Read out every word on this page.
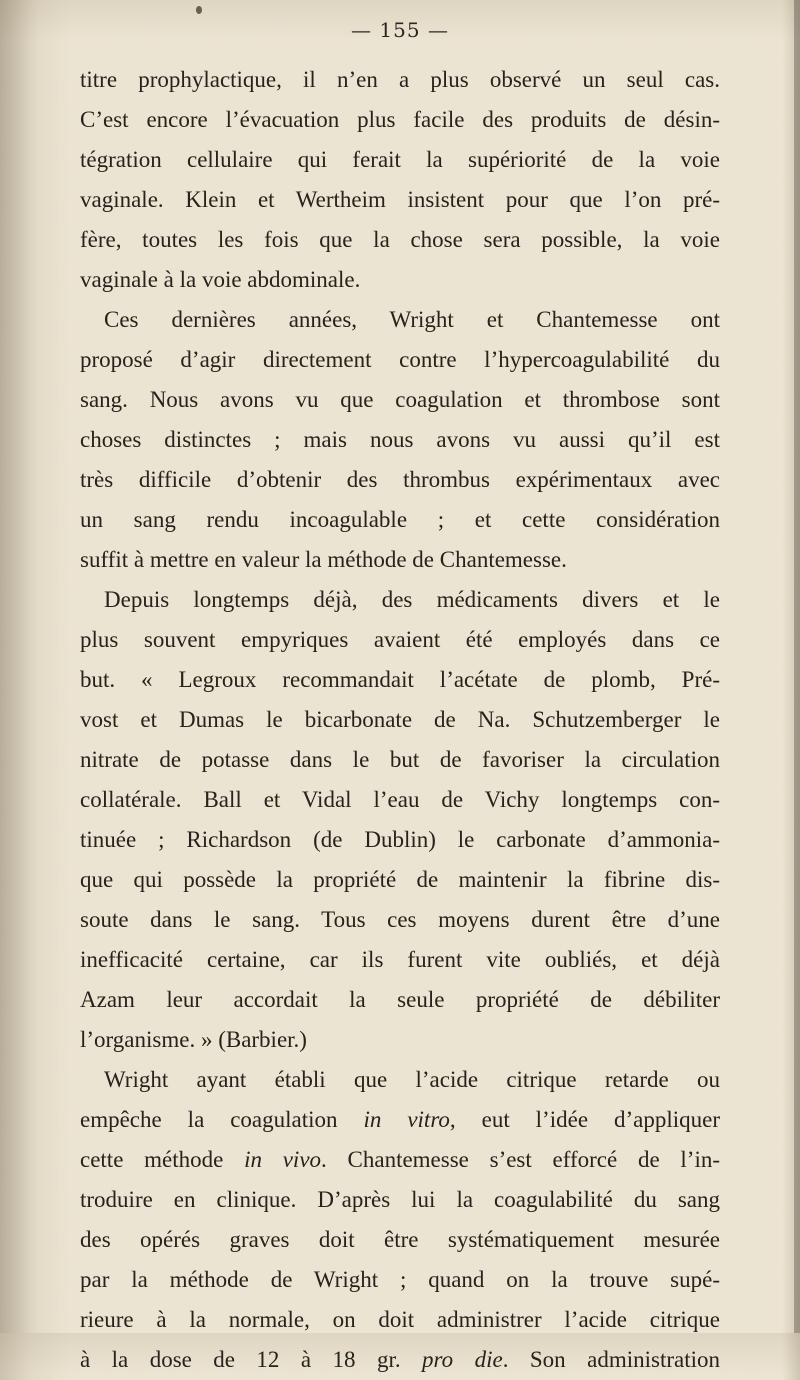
— 155 —

titre prophylactique, il n’en a plus observé un seul cas.

C’est encore l’évacuation plus facile des produits de désin-

tégration cellulaire qui ferait la supériorité de la voie

vaginale. Klein et Wertheim insistent pour que l’on pré-

fère, toutes les fois que la chose sera possible, la voie

vaginale à la voie abdominale.

Ces dernières années, Wright et Chantemesse ont

proposé d’agir directement contre l’hypercoagulabilité du

sang. Nous avons vu que coagulation et thrombose sont

choses distinctes ; mais nous avons vu aussi qu’il est

très difficile d’obtenir des thrombus expérimentaux avec

un sang rendu incoagulable ; et cette considération

suffit à mettre en valeur la méthode de Chantemesse.

Depuis longtemps déjà, des médicaments divers et le

plus souvent empyriques avaient été employés dans ce

but. « Legroux recommandait l’acétate de plomb, Pré-

vost et Dumas le bicarbonate de Na. Schutzemberger le

nitrate de potasse dans le but de favoriser la circulation

collatérale. Ball et Vidal l’eau de Vichy longtemps con-

tinuée ; Richardson (de Dublin) le carbonate d’ammonia-

que qui possède la propriété de maintenir la fibrine dis-

soute dans le sang. Tous ces moyens durent être d’une

inefficacité certaine, car ils furent vite oubliés, et déjà

Azam leur accordait la seule propriété de débiliter

l’organisme. » (Barbier.)

Wright ayant établi que l’acide citrique retarde ou

empêche la coagulation in vitro, eut l’idée d’appliquer

cette méthode in vivo. Chantemesse s’est efforcé de l’in-

troduire en clinique. D’après lui la coagulabilité du sang

des opérés graves doit être systématiquement mesurée

par la méthode de Wright ; quand on la trouve supé-

rieure à la normale, on doit administrer l’acide citrique

à la dose de 12 à 18 gr. pro die. Son administration
